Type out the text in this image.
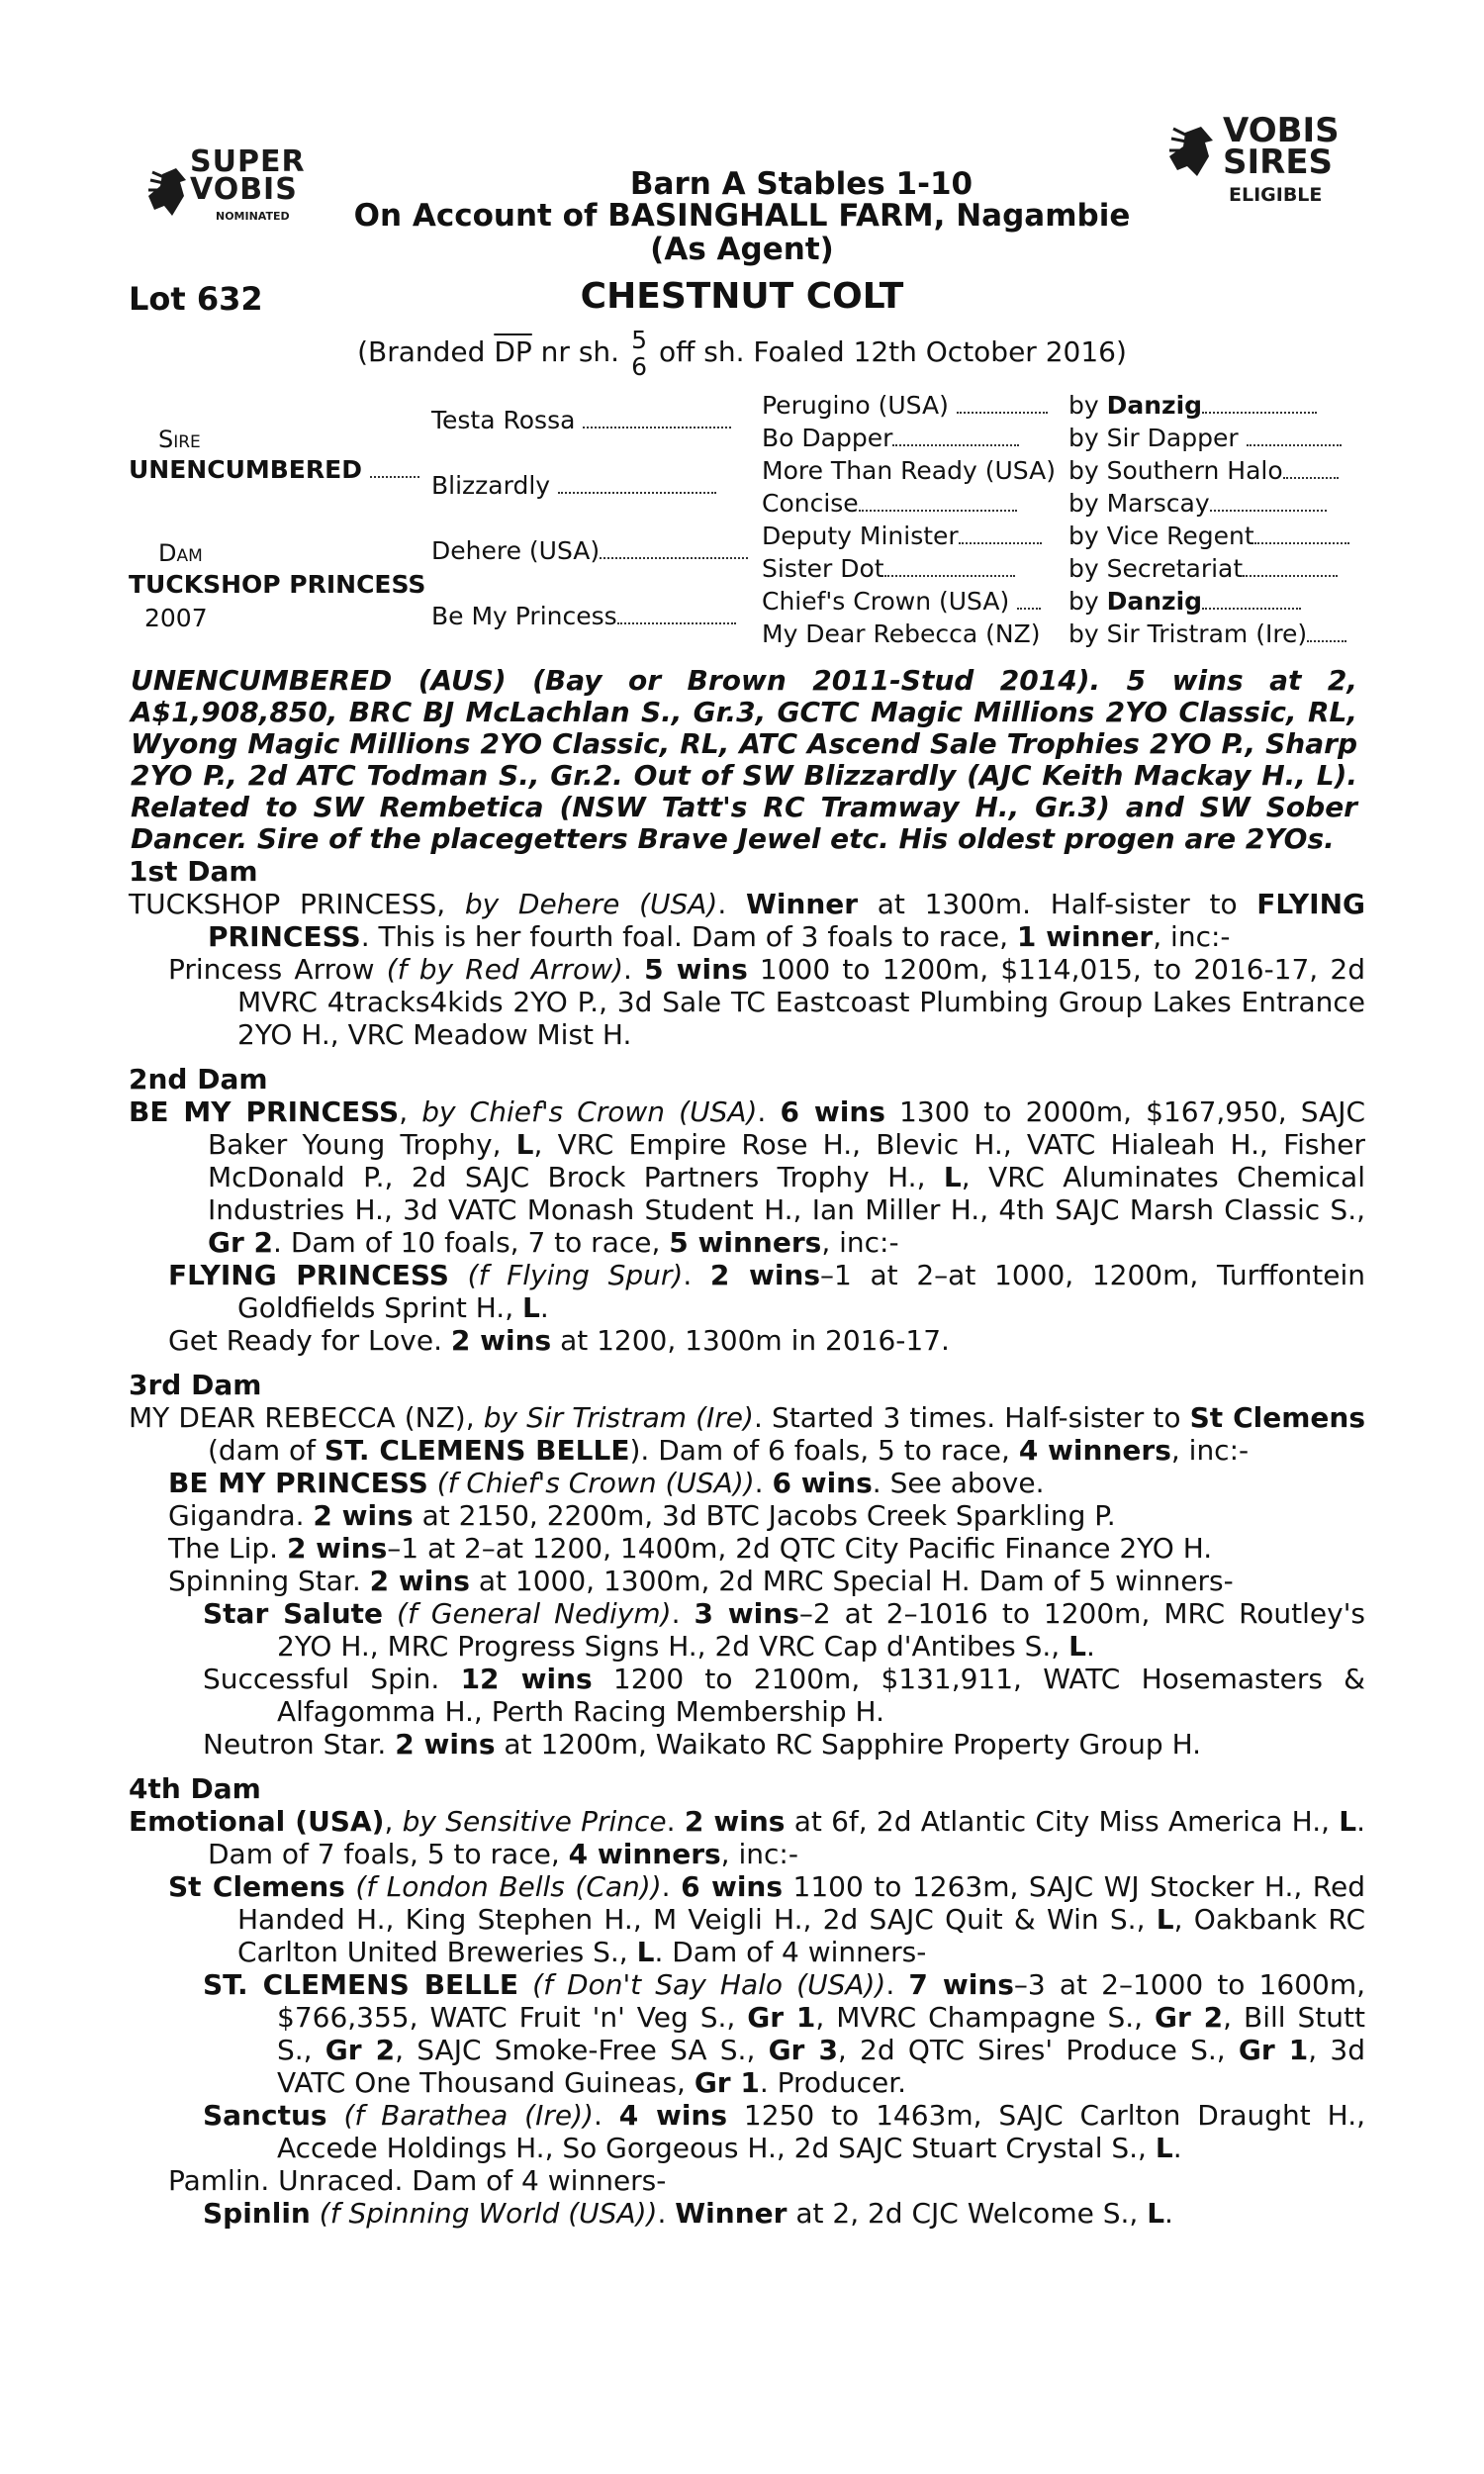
SUPER
VOBIS
NOMINATED
VOBIS
SIRES
ELIGIBLE
Barn A Stables 1-10
On Account of BASINGHALL FARM, Nagambie
(As Agent)
Lot 632	CHESTNUT COLT
(Branded $\overline{DP}$ nr sh. 5
6 off sh. Foaled 12th October 2016)
Sire
UNENCUMBERED
Dam
TUCKSHOP PRINCESS
2007
Testa Rossa
Blizzardly
Dehere (USA)
Be My Princess
Perugino (USA)
Bo Dapper
More Than Ready (USA)
Concise
Deputy Minister
Sister Dot
Chief's Crown (USA)
My Dear Rebecca (NZ)
by Danzig
by Sir Dapper
by Southern Halo
by Marscay
by Vice Regent
by Secretariat
by Danzig
by Sir Tristram (Ire)
UNENCUMBERED (AUS) (Bay or Brown 2011-Stud 2014). 5 wins at 2,
A$1,908,850, BRC BJ McLachlan S., Gr.3, GCTC Magic Millions 2YO Classic, RL,
Wyong Magic Millions 2YO Classic, RL, ATC Ascend Sale Trophies 2YO P., Sharp
2YO P., 2d ATC Todman S., Gr.2. Out of SW Blizzardly (AJC Keith Mackay H., L).
Related to SW Rembetica (NSW Tatt's RC Tramway H., Gr.3) and SW Sober
Dancer. Sire of the placegetters Brave Jewel etc. His oldest progen are 2YOs.
1st Dam

TUCKSHOP PRINCESS, by Dehere (USA). Winner at 1300m. Half-sister to FLYING PRINCESS. This is her fourth foal. Dam of 3 foals to race, 1 winner, inc:-

Princess Arrow (f by Red Arrow). 5 wins 1000 to 1200m, $114,015, to 2016-17, 2d MVRC 4tracks4kids 2YO P., 3d Sale TC Eastcoast Plumbing Group Lakes Entrance 2YO H., VRC Meadow Mist H.

2nd Dam

BE MY PRINCESS, by Chief's Crown (USA). 6 wins 1300 to 2000m, $167,950, SAJC Baker Young Trophy, L, VRC Empire Rose H., Blevic H., VATC Hialeah H., Fisher McDonald P., 2d SAJC Brock Partners Trophy H., L, VRC Aluminates Chemical Industries H., 3d VATC Monash Student H., Ian Miller H., 4th SAJC Marsh Classic S., Gr 2. Dam of 10 foals, 7 to race, 5 winners, inc:-

FLYING PRINCESS (f Flying Spur). 2 wins–1 at 2–at 1000, 1200m, Turffontein Goldfields Sprint H., L.

Get Ready for Love. 2 wins at 1200, 1300m in 2016-17.

3rd Dam

MY DEAR REBECCA (NZ), by Sir Tristram (Ire). Started 3 times. Half-sister to St Clemens (dam of ST. CLEMENS BELLE). Dam of 6 foals, 5 to race, 4 winners, inc:-

BE MY PRINCESS (f Chief's Crown (USA)). 6 wins. See above.

Gigandra. 2 wins at 2150, 2200m, 3d BTC Jacobs Creek Sparkling P.

The Lip. 2 wins–1 at 2–at 1200, 1400m, 2d QTC City Pacific Finance 2YO H.

Spinning Star. 2 wins at 1000, 1300m, 2d MRC Special H. Dam of 5 winners-

Star Salute (f General Nediym). 3 wins–2 at 2–1016 to 1200m, MRC Routley's 2YO H., MRC Progress Signs H., 2d VRC Cap d'Antibes S., L.

Successful Spin. 12 wins 1200 to 2100m, $131,911, WATC Hosemasters & Alfagomma H., Perth Racing Membership H.

Neutron Star. 2 wins at 1200m, Waikato RC Sapphire Property Group H.

4th Dam

Emotional (USA), by Sensitive Prince. 2 wins at 6f, 2d Atlantic City Miss America H., L. Dam of 7 foals, 5 to race, 4 winners, inc:-

St Clemens (f London Bells (Can)). 6 wins 1100 to 1263m, SAJC WJ Stocker H., Red Handed H., King Stephen H., M Veigli H., 2d SAJC Quit & Win S., L, Oakbank RC Carlton United Breweries S., L. Dam of 4 winners-

ST. CLEMENS BELLE (f Don't Say Halo (USA)). 7 wins–3 at 2–1000 to 1600m, $766,355, WATC Fruit 'n' Veg S., Gr 1, MVRC Champagne S., Gr 2, Bill Stutt S., Gr 2, SAJC Smoke-Free SA S., Gr 3, 2d QTC Sires' Produce S., Gr 1, 3d VATC One Thousand Guineas, Gr 1. Producer.

Sanctus (f Barathea (Ire)). 4 wins 1250 to 1463m, SAJC Carlton Draught H., Accede Holdings H., So Gorgeous H., 2d SAJC Stuart Crystal S., L.

Pamlin. Unraced. Dam of 4 winners-

Spinlin (f Spinning World (USA)). Winner at 2, 2d CJC Welcome S., L.
